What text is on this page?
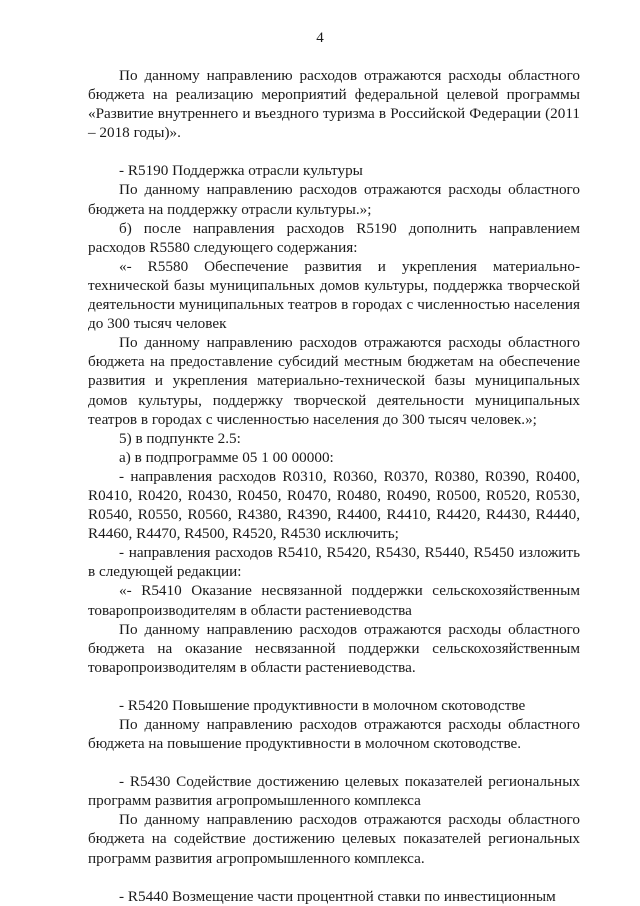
4

По данному направлению расходов отражаются расходы областного бюджета на реализацию мероприятий федеральной целевой программы «Развитие внутреннего и въездного туризма в Российской Федерации (2011 – 2018 годы)».

- R5190 Поддержка отрасли культуры

По данному направлению расходов отражаются расходы областного бюджета на поддержку отрасли культуры.»;

б) после направления расходов R5190 дополнить направлением расходов R5580 следующего содержания:

«- R5580 Обеспечение развития и укрепления материально-технической базы муниципальных домов культуры, поддержка творческой деятельности муниципальных театров в городах с численностью населения до 300 тысяч человек

По данному направлению расходов отражаются расходы областного бюджета на предоставление субсидий местным бюджетам на обеспечение развития и укрепления материально-технической базы муниципальных домов культуры, поддержку творческой деятельности муниципальных театров в городах с численностью населения до 300 тысяч человек.»;

5) в подпункте 2.5:

а) в подпрограмме 05 1 00 00000:

- направления расходов R0310, R0360, R0370, R0380, R0390, R0400, R0410, R0420, R0430, R0450, R0470, R0480, R0490, R0500, R0520, R0530, R0540, R0550, R0560, R4380, R4390, R4400, R4410, R4420, R4430, R4440, R4460, R4470, R4500, R4520, R4530 исключить;

- направления расходов R5410, R5420, R5430, R5440, R5450 изложить в следующей редакции:

«- R5410 Оказание несвязанной поддержки сельскохозяйственным товаропроизводителям в области растениеводства

По данному направлению расходов отражаются расходы областного бюджета на оказание несвязанной поддержки сельскохозяйственным товаропроизводителям в области растениеводства.

- R5420 Повышение продуктивности в молочном скотоводстве

По данному направлению расходов отражаются расходы областного бюджета на повышение продуктивности в молочном скотоводстве.

- R5430 Содействие достижению целевых показателей региональных программ развития агропромышленного комплекса

По данному направлению расходов отражаются расходы областного бюджета на содействие достижению целевых показателей региональных программ развития агропромышленного комплекса.

- R5440 Возмещение части процентной ставки по инвестиционным
